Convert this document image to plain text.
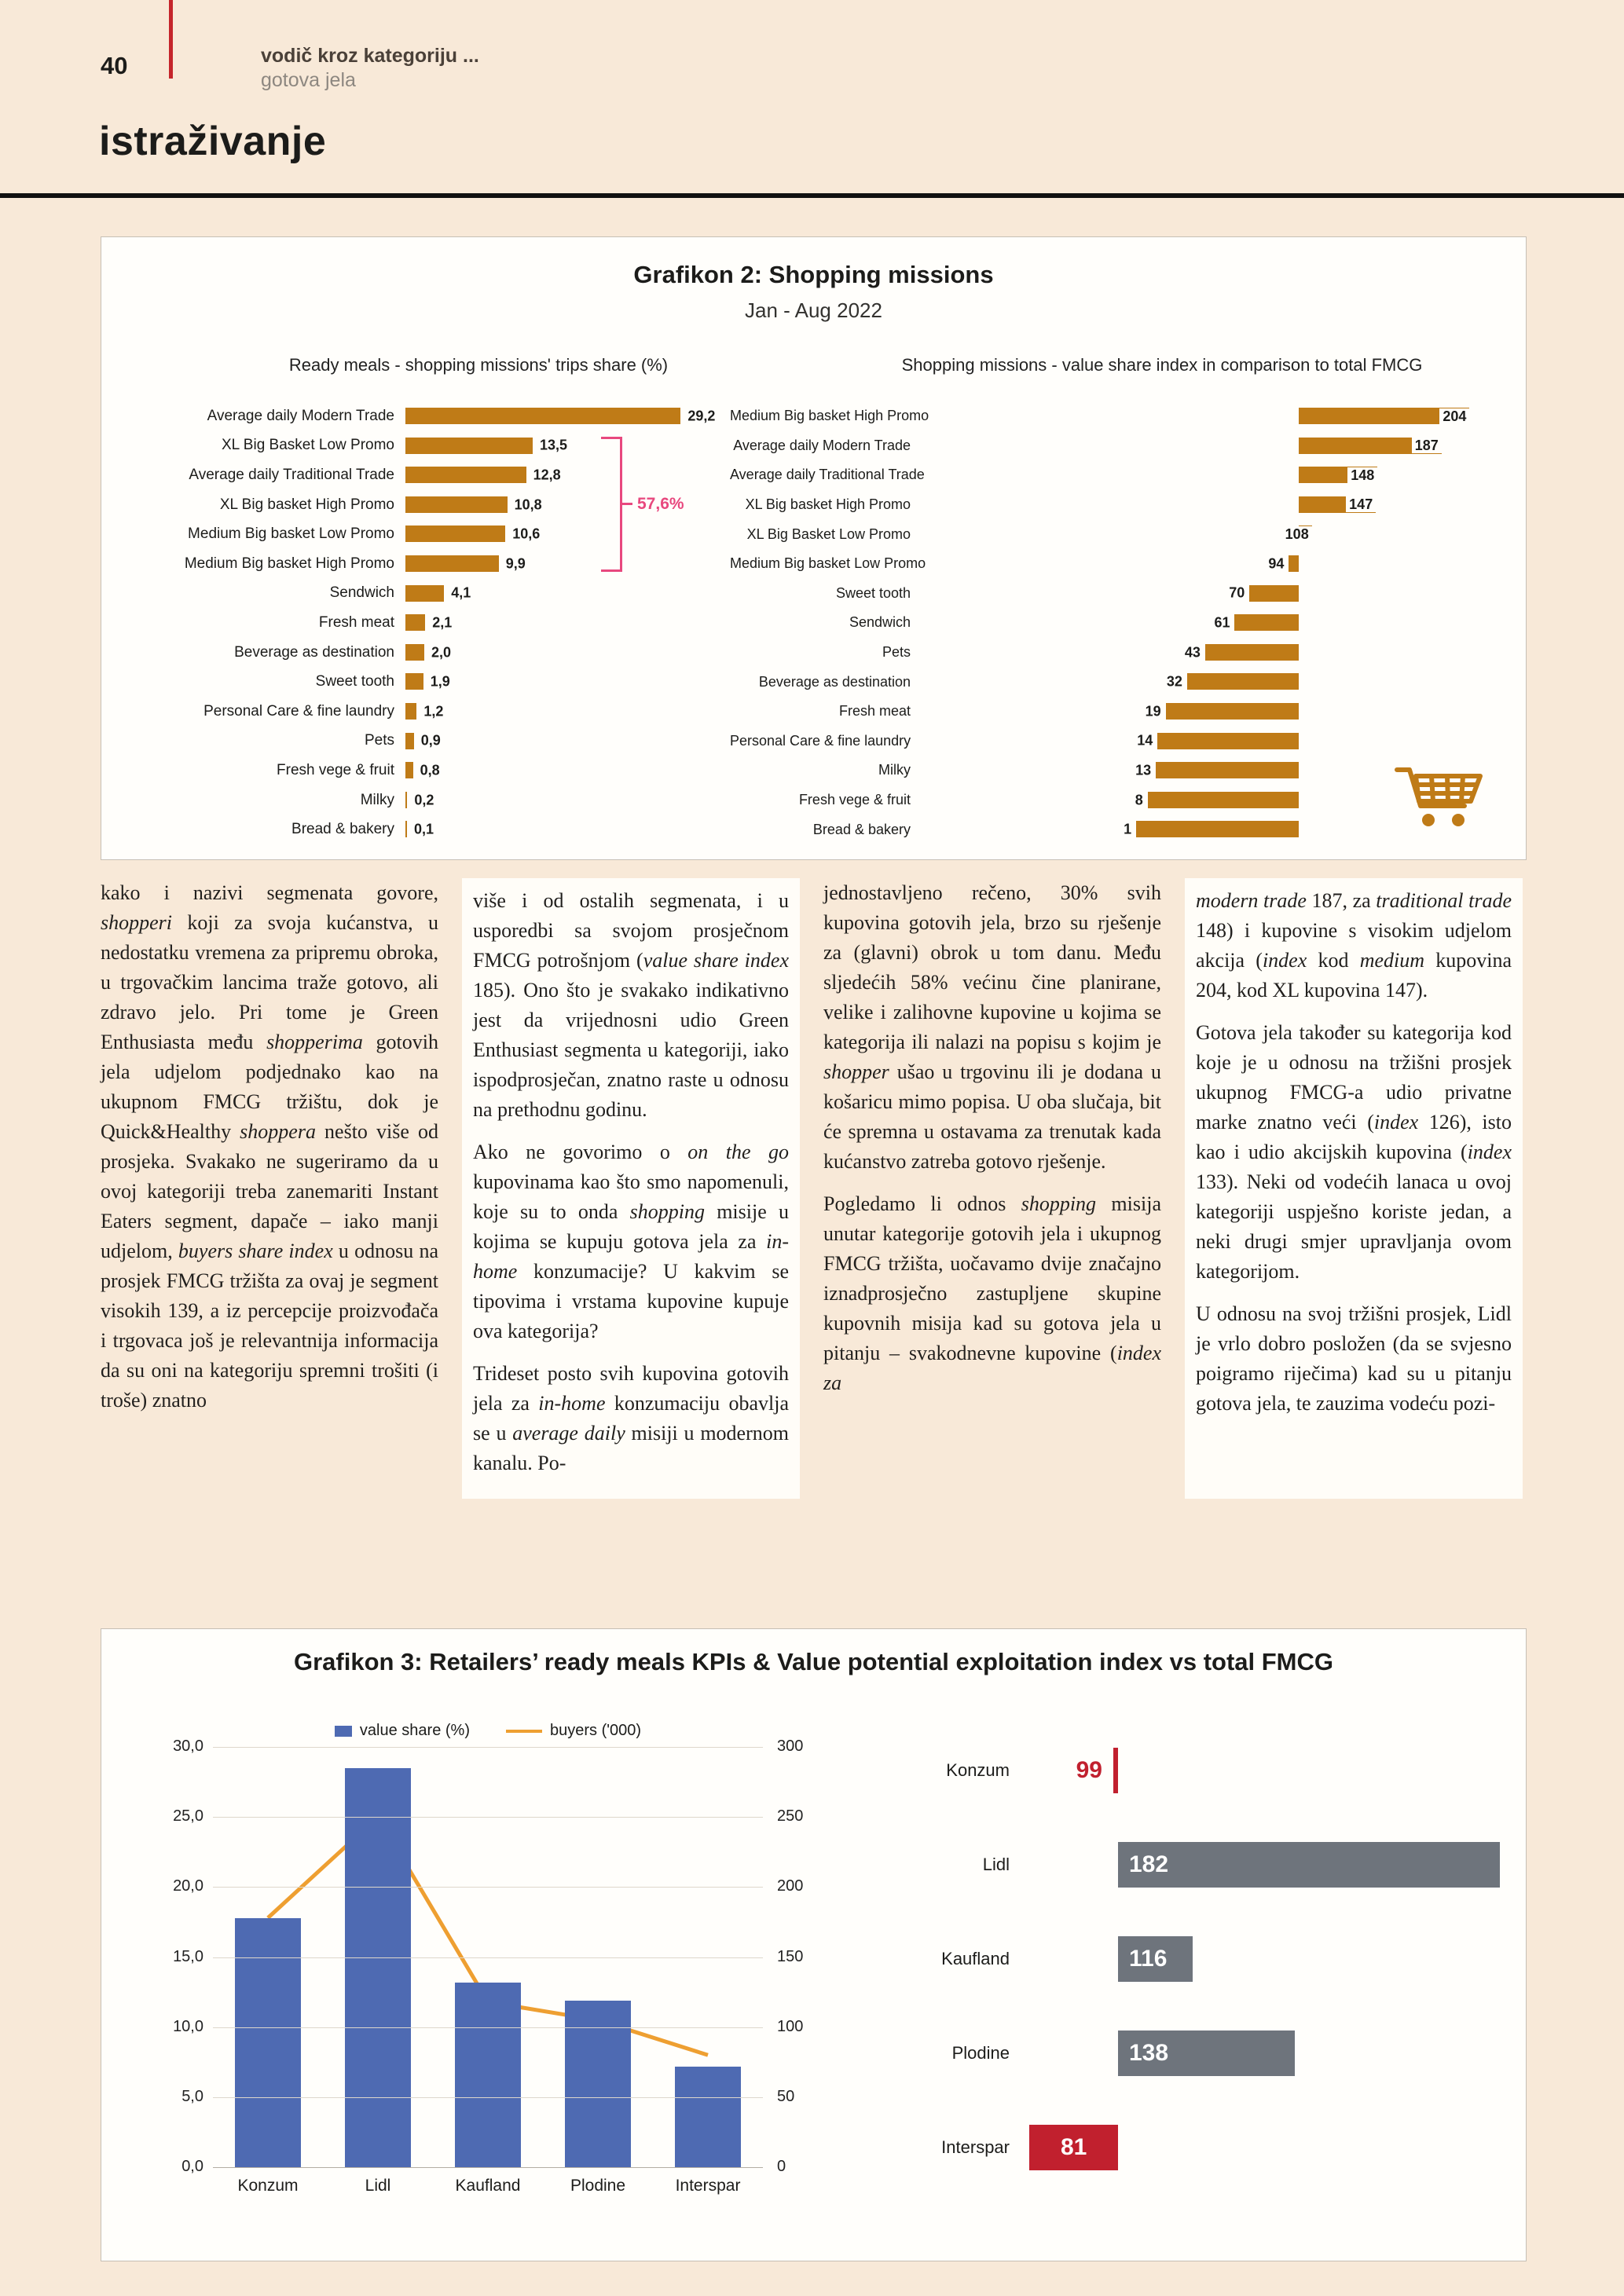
40	vodič kroz kategoriju ...
gotova jela
istraživanje
Grafikon 2: Shopping missions
Jan - Aug 2022
Ready meals - shopping missions' trips share (%)	Shopping missions - value share index in comparison to total FMCG
57,6%
Average daily Modern Trade	29,2
XL Big Basket Low Promo	13,5
Average daily Traditional Trade	12,8
XL Big basket High Promo	10,8
Medium Big basket Low Promo	10,6
Medium Big basket High Promo	9,9
Sendwich	4,1
Fresh meat	2,1
Beverage as destination	2,0
Sweet tooth	1,9
Personal Care & fine laundry	1,2
Pets	0,9
Fresh vege & fruit	0,8
Milky	0,2
Bread & bakery	0,1
Medium Big basket High Promo	204
Average daily Modern Trade	187
Average daily Traditional Trade	148
XL Big basket High Promo	147
XL Big Basket Low Promo	108
Medium Big basket Low Promo	94
Sweet tooth	70
Sendwich	61
Pets	43
Beverage as destination	32
Fresh meat	19
Personal Care & fine laundry	14
Milky	13
Fresh vege & fruit	8
Bread & bakery	1

kako i nazivi segmenata govore, shopperi koji za svoja kućanstva, u nedostatku vremena za pripremu obroka, u trgovačkim lancima traže gotovo, ali zdravo jelo. Pri tome je Green Enthusiasta među shopperima gotovih jela udjelom podjednako kao na ukupnom FMCG tržištu, dok je Quick&Healthy shoppera nešto više od prosjeka. Svakako ne sugeriramo da u ovoj kategoriji treba zanemariti Instant Eaters segment, dapače – iako manji udjelom, buyers share index u odnosu na prosjek FMCG tržišta za ovaj je segment visokih 139, a iz percepcije proizvođača i trgovaca još je relevantnija informacija da su oni na kategoriju spremni trošiti (i troše) znatno

više i od ostalih segmenata, i u usporedbi sa svojom prosječnom FMCG potrošnjom (value share index 185). Ono što je svakako indikativno jest da vrijednosni udio Green Enthusiast segmenta u kategoriji, iako ispodprosječan, znatno raste u odnosu na prethodnu godinu.

Ako ne govorimo o on the go kupovinama kao što smo napomenuli, koje su to onda shopping misije u kojima se kupuju gotova jela za in-home konzumacije? U kakvim se tipovima i vrstama kupovine kupuje ova kategorija?

Trideset posto svih kupovina gotovih jela za in-home konzumaciju obavlja se u average daily misiji u modernom kanalu. Po-

jednostavljeno rečeno, 30% svih kupovina gotovih jela, brzo su rješenje za (glavni) obrok u tom danu. Među sljedećih 58% većinu čine planirane, velike i zalihovne kupovine u kojima se kategorija ili nalazi na popisu s kojim je shopper ušao u trgovinu ili je dodana u košaricu mimo popisa. U oba slučaja, bit će spremna u ostavama za trenutak kada kućanstvo zatreba gotovo rješenje.

Pogledamo li odnos shopping misija unutar kategorije gotovih jela i ukupnog FMCG tržišta, uočavamo dvije značajno iznadprosječno zastupljene skupine kupovnih misija kad su gotova jela u pitanju – svakodnevne kupovine (index za

modern trade 187, za traditional trade 148) i kupovine s visokim udjelom akcija (index kod medium kupovina 204, kod XL kupovina 147).

Gotova jela također su kategorija kod koje je u odnosu na tržišni prosjek ukupnog FMCG-a udio privatne marke znatno veći (index 126), isto kao i udio akcijskih kupovina (index 133). Neki od vodećih lanaca u ovoj kategoriji uspješno koriste jedan, a neki drugi smjer upravljanja ovom kategorijom.

U odnosu na svoj tržišni prosjek, Lidl je vrlo dobro posložen (da se svjesno poigramo riječima) kad su u pitanju gotova jela, te zauzima vodeću pozi-

Grafikon 3: Retailers’ ready meals KPIs & Value potential exploitation index vs total FMCG
value share (%)	buyers ('000)
0,0
5,0
10,0
15,0
20,0
25,0
30,0
0
50
100
150
200
250
300
Konzum	Lidl	Kaufland	Plodine	Interspar
Konzum	99
Lidl	182
Kaufland	116
Plodine	138
Interspar	81
